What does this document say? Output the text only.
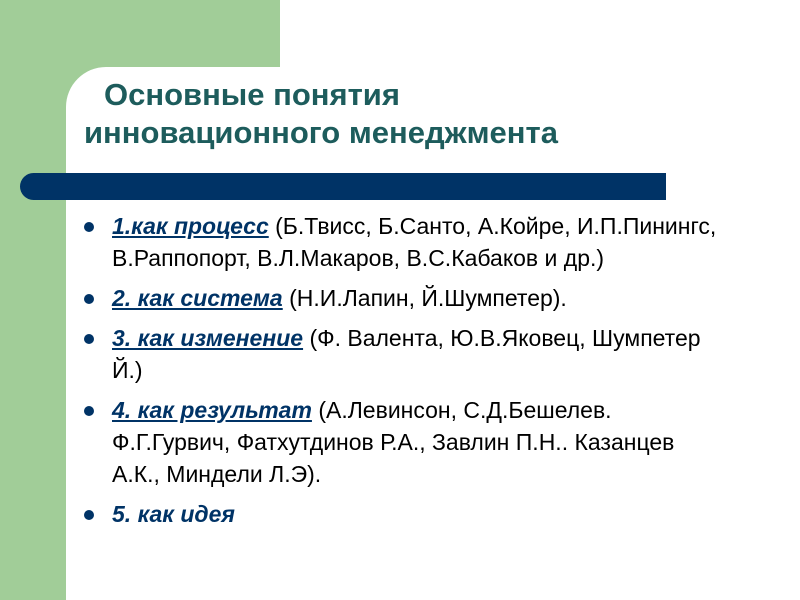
Основные понятия
инновационного менеджмента
1.как процесс (Б.Твисс, Б.Санто, А.Койре, И.П.Пинингс, В.Раппопорт, В.Л.Макаров, В.С.Кабаков и др.)
2. как система (Н.И.Лапин, Й.Шумпетер).
3. как изменение (Ф. Валента, Ю.В.Яковец, Шумпетер Й.)
4. как результат (А.Левинсон, С.Д.Бешелев. Ф.Г.Гурвич, Фатхутдинов Р.А., Завлин П.Н.. Казанцев А.К., Миндели Л.Э).
5. как идея
